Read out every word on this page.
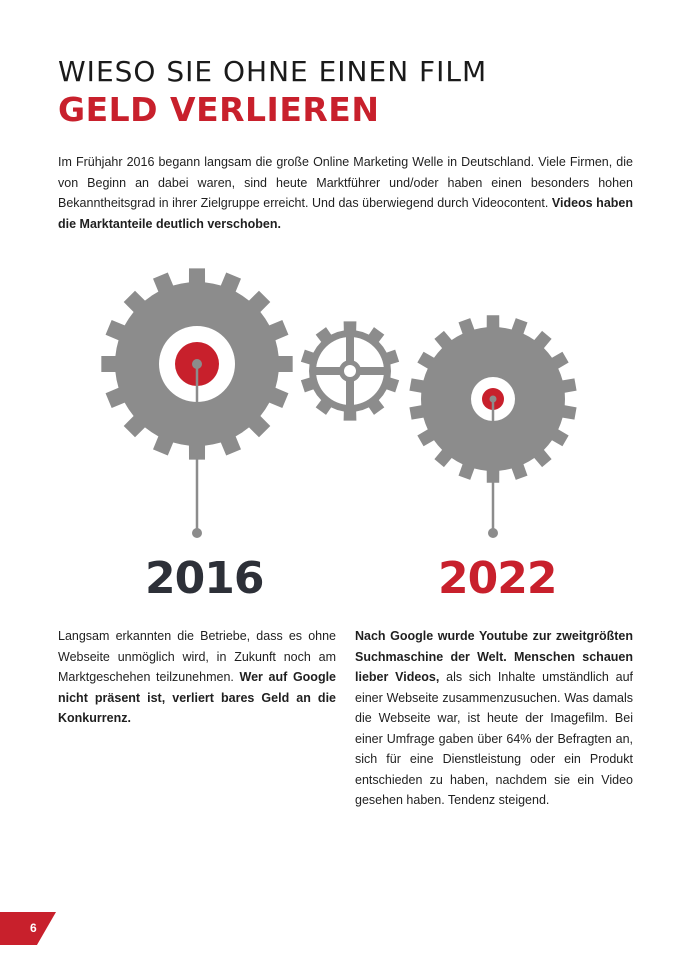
WIESO SIE OHNE EINEN FILM
GELD VERLIEREN

Im Frühjahr 2016 begann langsam die große Online Marketing Welle in Deutschland. Viele Firmen, die von Beginn an dabei waren, sind heute Marktführer und/oder haben einen besonders hohen Bekanntheitsgrad in ihrer Zielgruppe erreicht. Und das überwiegend durch Videocontent. Videos haben die Marktanteile deutlich verschoben.

2016	2022

Langsam erkannten die Betriebe, dass es ohne Webseite unmöglich wird, in Zukunft noch am Marktgeschehen teilzunehmen. Wer auf Google nicht präsent ist, verliert bares Geld an die Konkurrenz.

Nach Google wurde Youtube zur zweitgrößten Suchmaschine der Welt. Menschen schauen lieber Videos, als sich Inhalte umständlich auf einer Webseite zusammenzusuchen. Was damals die Webseite war, ist heute der Imagefilm. Bei einer Umfrage gaben über 64% der Befragten an, sich für eine Dienstleistung oder ein Produkt entschieden zu haben, nachdem sie ein Video gesehen haben. Tendenz steigend.

6
